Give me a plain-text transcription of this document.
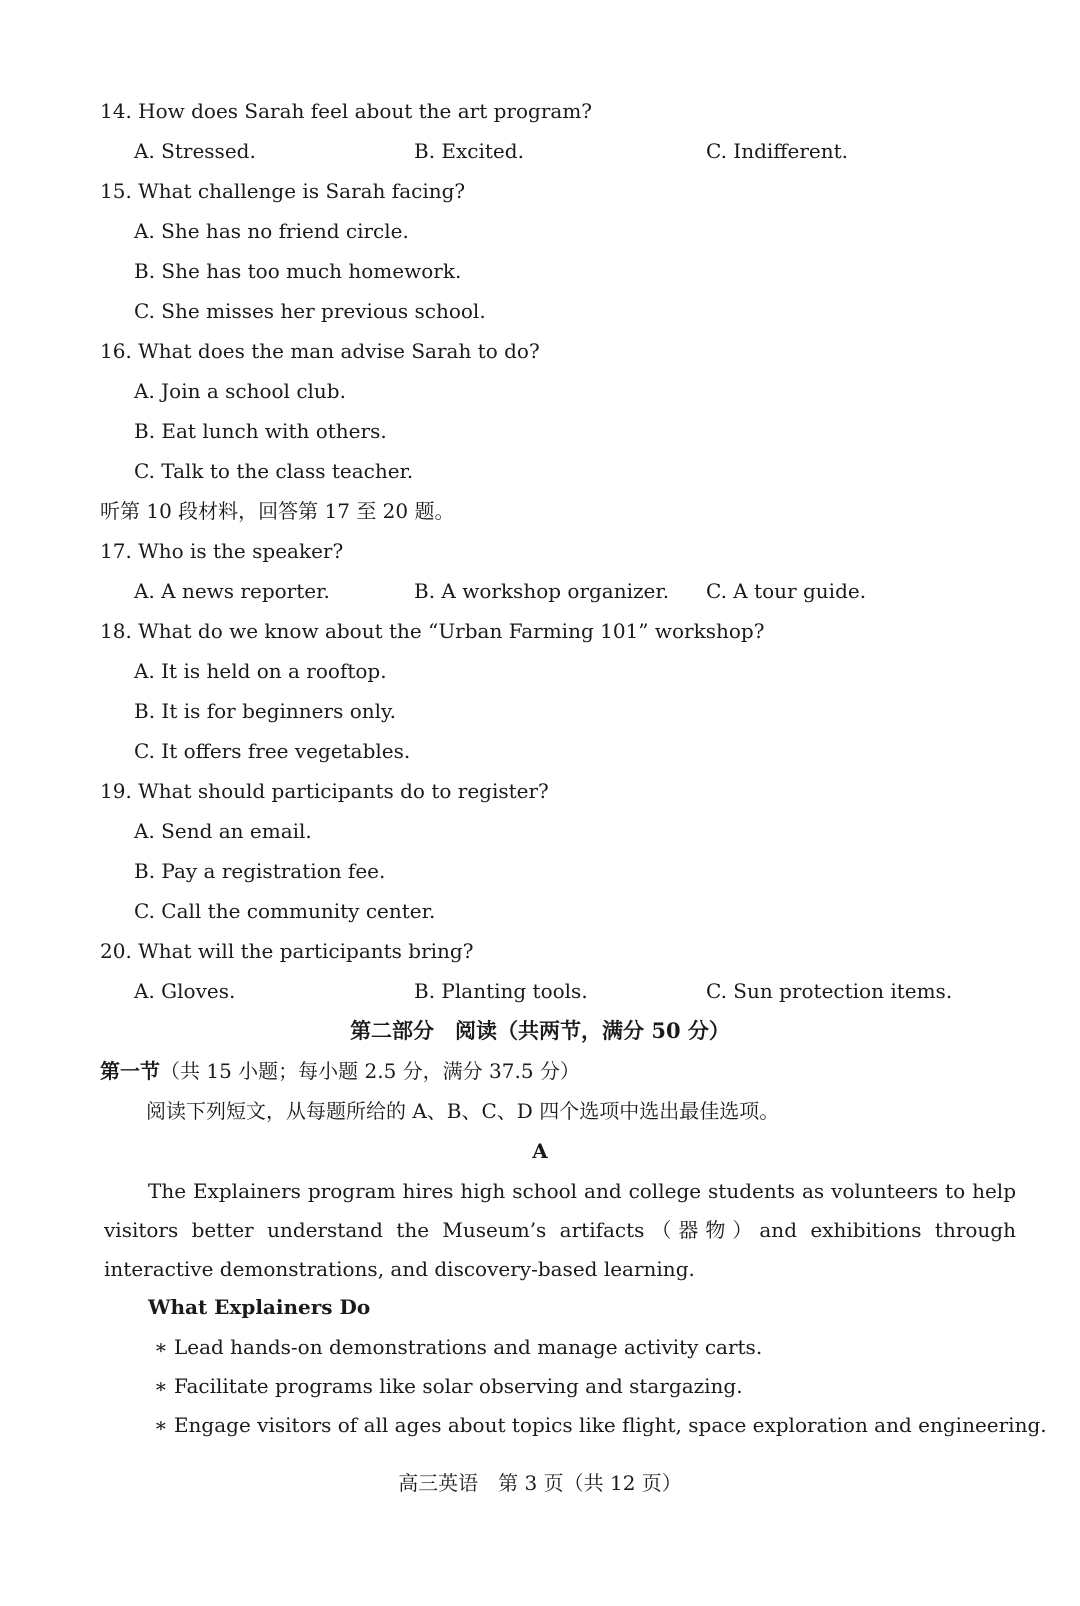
14. How does Sarah feel about the art program?
A. Stressed.	B. Excited.	C. Indifferent.
15. What challenge is Sarah facing?
A. She has no friend circle.
B. She has too much homework.
C. She misses her previous school.
16. What does the man advise Sarah to do?
A. Join a school club.
B. Eat lunch with others.
C. Talk to the class teacher.
听第 10 段材料，回答第 17 至 20 题。
17. Who is the speaker?
A. A news reporter.	B. A workshop organizer. C. A tour guide.
18. What do we know about the “Urban Farming 101” workshop?
A. It is held on a rooftop.
B. It is for beginners only.
C. It offers free vegetables.
19. What should participants do to register?
A. Send an email.
B. Pay a registration fee.
C. Call the community center.
20. What will the participants bring?
A. Gloves.	B. Planting tools.	C. Sun protection items.
第二部分　阅读（共两节，满分 50 分）
第一节（共 15 小题；每小题 2.5 分，满分 37.5 分）
阅读下列短文，从每题所给的 A、B、C、D 四个选项中选出最佳选项。
A
The Explainers program hires high school and college students as volunteers to help visitors better understand the Museum’s artifacts（器物）and exhibitions through interactive demonstrations, and discovery-based learning.
What Explainers Do
∗ Lead hands-on demonstrations and manage activity carts.
∗ Facilitate programs like solar observing and stargazing.
∗ Engage visitors of all ages about topics like flight, space exploration and engineering.
高三英语　第 3 页（共 12 页）
